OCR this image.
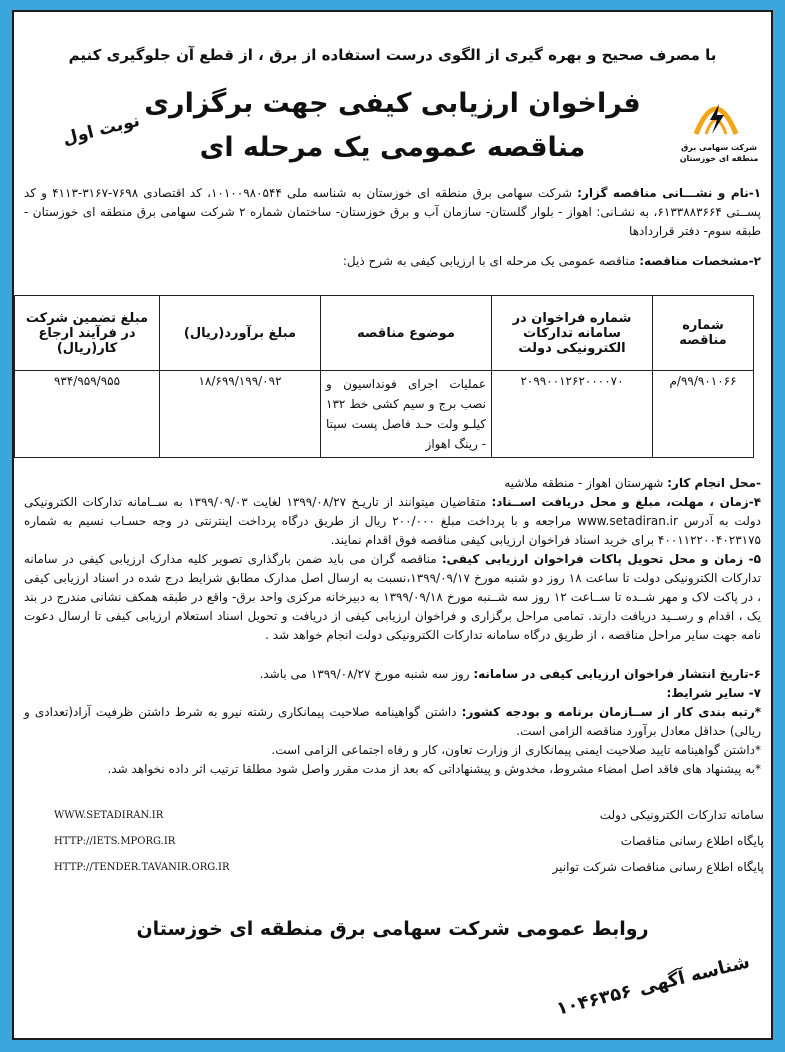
با مصرف صحیح و بهره گیری از الگوی درست استفاده از برق ، از قطع آن جلوگیری کنیم
شرکت سهامی برق منطقه ای خوزستان
فراخوان ارزیابی کیفی جهت برگزاری
مناقصه عمومی یک مرحله ای
نوبت اول
۱-نام و نشـــانی مناقصه گزار: شرکت سهامی برق منطقه ای خوزستان به شناسه ملی ۱۰۱۰۰۹۸۰۵۴۴، کد اقتصادی ۷۶۹۸-۳۱۶۷-۴۱۱۳ و کد پســتی ۶۱۳۳۸۸۳۶۶۴، به نشـانی: اهواز - بلوار گلستان- سازمان آب و برق خوزستان- ساختمان شماره ۲ شرکت سهامی برق منطقه ای خوزستان - طبقه سوم- دفتر قراردادها
۲-مشخصات مناقصه: مناقصه عمومی یک مرحله ای با ارزیابی کیفی به شرح ذیل:
شماره مناقصه	شماره فراخوان در سامانه تدارکات الکترونیکی دولت	موضوع مناقصه	مبلغ برآورد(ریال)	مبلغ تضمین شرکت در فرآیند ارجاع کار(ریال)
۹۹/۹۰۱۰۶۶/م	۲۰۹۹۰۰۱۲۶۲۰۰۰۰۷۰	عملیات اجرای فونداسیون و نصب برج و سیم کشی خط ۱۳۲ کیلـو ولت حـد فاصل پست سپتا - رینگ اهواز	۱۸/۶۹۹/۱۹۹/۰۹۲	۹۳۴/۹۵۹/۹۵۵
-محل انجام کار: شهرستان اهواز - منطقه ملاشیه
۴-زمان ، مهلت، مبلغ و محل دریافت اســناد: متقاضیان میتوانند از تاریـخ ۱۳۹۹/۰۸/۲۷ لغایت ۱۳۹۹/۰۹/۰۳ به ســامانه تدارکات الکترونیکی دولت به آدرس www.setadiran.ir مراجعه و با پرداخت مبلغ ۲۰۰/۰۰۰ ریال از طریق درگاه پرداخت اینترنتی در وجه حسـاب نسیم به شماره ۴۰۰۱۱۲۲۰۰۴۰۲۳۱۷۵ برای خرید اسناد فراخوان ارزیابی کیفی مناقصه فوق اقدام نمایند.
۵- زمان و محل تحویل پاکات فراخوان ارزیابی کیفی: مناقصه گران می باید ضمن بارگذاری تصویر کلیه مدارک ارزیابی کیفی در سامانه تدارکات الکترونیکی دولت تا ساعت ۱۸ روز دو شنبه مورخ ۱۳۹۹/۰۹/۱۷،نسبت به ارسال اصل مدارک مطابق شرایط درج شده در اسناد ارزیابی کیفی ، در پاکت لاک و مهر شــده تا ســاعت ۱۲ روز سه شــنبه مورخ ۱۳۹۹/۰۹/۱۸ به دبیرخانه مرکزی واحد برق- واقع در طبقه همکف نشانی مندرج در بند یک ، اقدام و رســید دریافت دارند. تمامی مراحل برگزاری و فراخوان ارزیابی کیفی از دریافت و تحویل اسناد استعلام ارزیابی کیفی تا ارسال دعوت نامه جهت سایر مراحل مناقصه ، از طریق درگاه سامانه تدارکات الکترونیکی دولت انجام خواهد شد .
۶-تاریخ انتشار فراخوان ارزیابی کیفی در سامانه: روز سه شنبه مورخ ۱۳۹۹/۰۸/۲۷ می باشد.
۷- سایر شرایط:
*رتبه بندی کار از ســازمان برنامه و بودجه کشور: داشتن گواهینامه صلاحیت پیمانکاری رشته نیرو به شرط داشتن ظرفیت آزاد(تعدادی و ریالی) حداقل معادل برآورد مناقصه الزامی است.
*داشتن گواهینامه تایید صلاحیت ایمنی پیمانکاری از وزارت تعاون، کار و رفاه اجتماعی الزامی است.
*به پیشنهاد های فاقد اصل امضاء مشروط، مخدوش و پیشنهاداتی که بعد از مدت مقرر واصل شود مطلقا ترتیب اثر داده نخواهد شد.
سامانه تدارکات الکترونیکی دولت
WWW.SETADIRAN.IR
پایگاه اطلاع رسانی مناقصات
HTTP://IETS.MPORG.IR
پایگاه اطلاع رسانی مناقصات شرکت توانیر
HTTP://TENDER.TAVANIR.ORG.IR
روابط عمومی شرکت سهامی برق منطقه ای خوزستان
شناسه آگهی
۱۰۴۶۳۵۶
